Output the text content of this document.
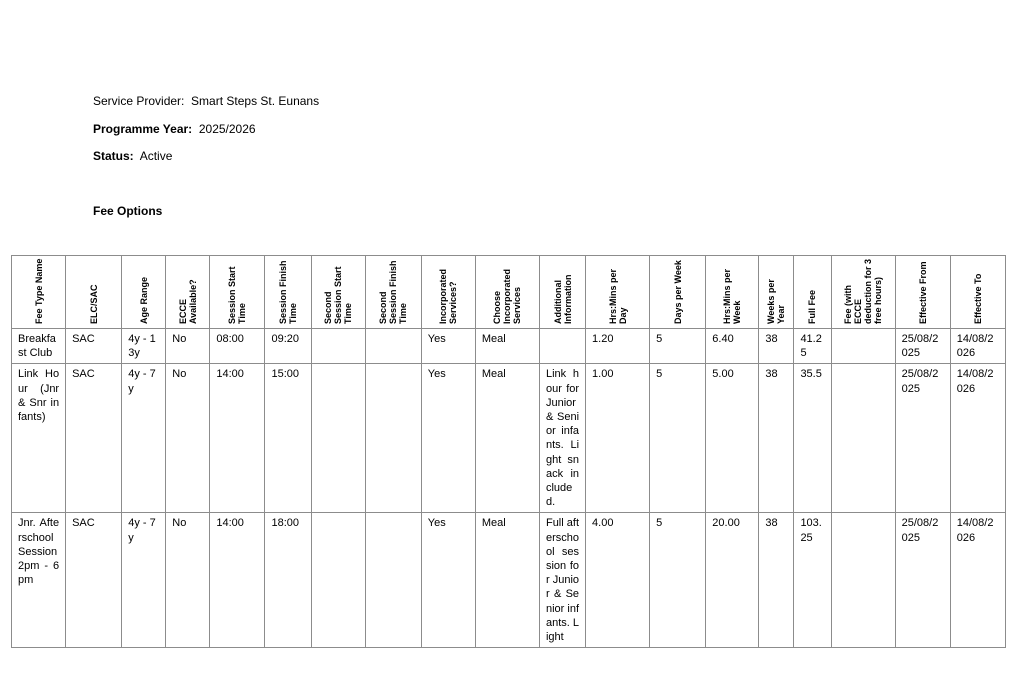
Service Provider: Smart Steps St. Eunans
Programme Year: 2025/2026
Status: Active
Fee Options
Fee Type Name	ELC/SAC	Age Range	ECCE Available?	Session Start Time	Session Finish Time	Second Session Start Time	Second Session Finish Time	Incorporated Services?	Choose Incorporated Services	Additional Information	Hrs:Mins per Day	Days per Week	Hrs:Mins per Week	Weeks per Year	Full Fee	Fee (with ECCE deduction for 3 free hours)	Effective From	Effective To

Breakfast Club	SAC	4y - 13y	No	08:00	09:20			Yes	Meal		1.20	5	6.40	38	41.25		25/08/2025	14/08/2026
Link Hour (Jnr & Snr infants)	SAC	4y - 7y	No	14:00	15:00			Yes	Meal	Link hour for Junior & Senior infants. Light snack included.	1.00	5	5.00	38	35.5		25/08/2025	14/08/2026
Jnr. Afterschool Session 2pm - 6pm	SAC	4y - 7y	No	14:00	18:00			Yes	Meal	Full afterschool session for Junior & Senior infants. Light	4.00	5	20.00	38	103.25		25/08/2025	14/08/2026
